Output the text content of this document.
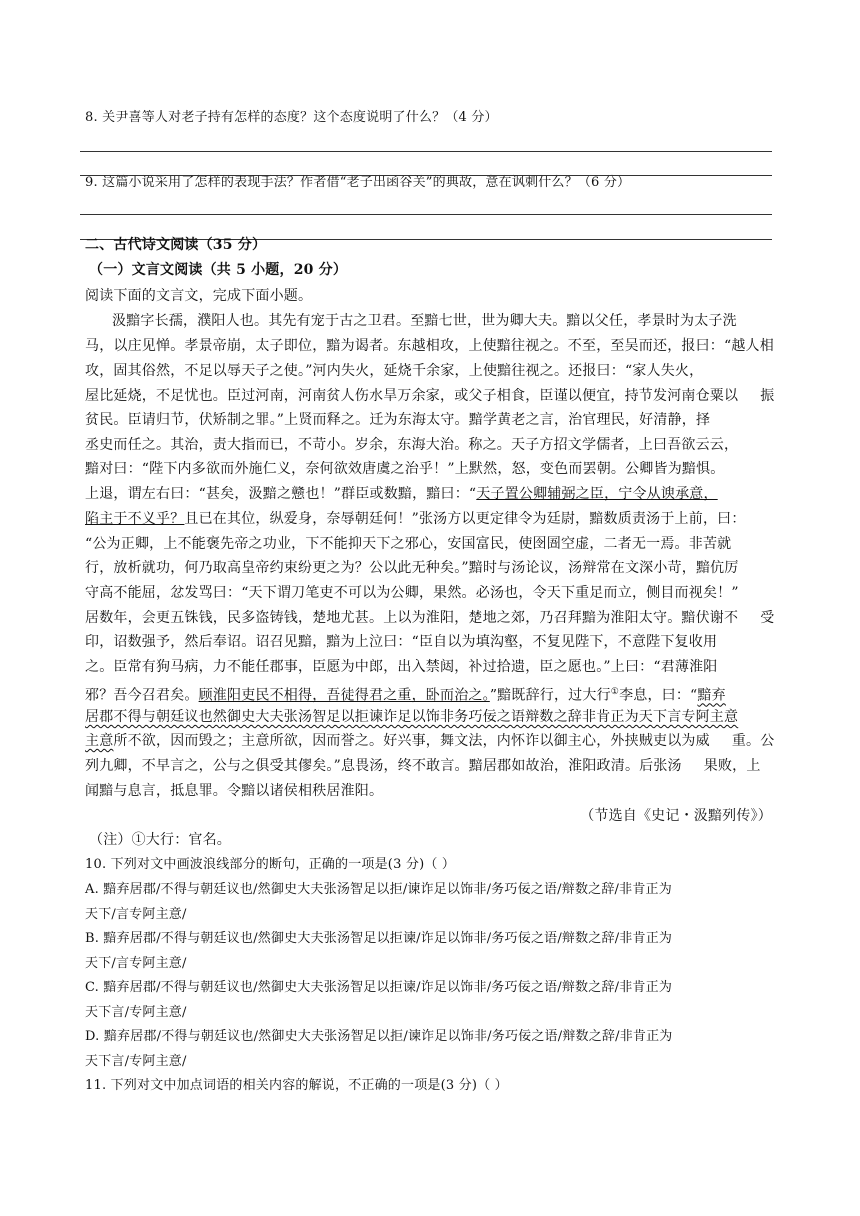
8. 关尹喜等人对老子持有怎样的态度？这个态度说明了什么？（4 分）
9. 这篇小说采用了怎样的表现手法？作者借“老子出函谷关”的典故，意在讽刺什么？（6 分）
二、古代诗文阅读（35 分）
（一）文言文阅读（共 5 小题，20 分）
阅读下面的文言文，完成下面小题。
汲黯字长孺，濮阳人也。其先有宠于古之卫君。至黯七世，世为卿大夫。黯以父任，孝景时为太子洗
马，以庄见惮。孝景帝崩，太子即位，黯为谒者。东越相攻，上使黯往视之。不至，至吴而还，报曰：“越人相
攻，固其俗然，不足以辱天子之使。”河内失火，延烧千余家，上使黯往视之。还报曰：“家人失火，
屋比延烧，不足忧也。臣过河南，河南贫人伤水旱万余家，或父子相食，臣谨以便宜，持节发河南仓粟以 振
贫民。臣请归节，伏矫制之罪。”上贤而释之。迁为东海太守。黯学黄老之言，治官理民，好清静，择
丞史而任之。其治，责大指而已，不苛小。岁余，东海大治。称之。天子方招文学儒者，上曰吾欲云云，
黯对曰：“陛下内多欲而外施仁义，奈何欲效唐虞之治乎！”上默然，怒，变色而罢朝。公卿皆为黯惧。
上退，谓左右曰：“甚矣，汲黯之戆也！”群臣或数黯，黯曰：“天子置公卿辅弼之臣，宁令从谀承意，
陷主于不义乎？且已在其位，纵爱身，奈辱朝廷何！”张汤方以更定律令为廷尉，黯数质责汤于上前，曰：
“公为正卿，上不能褒先帝之功业，下不能抑天下之邪心，安国富民，使囹圄空虚，二者无一焉。非苦就
行，放析就功，何乃取高皇帝约束纷更之为？公以此无种矣。”黯时与汤论议，汤辩常在文深小苛，黯伉厉
守高不能屈，忿发骂曰：“天下谓刀笔吏不可以为公卿，果然。必汤也，令天下重足而立，侧目而视矣！”
居数年，会更五铢钱，民多盗铸钱，楚地尤甚。上以为淮阳，楚地之郊，乃召拜黯为淮阳太守。黯伏谢不 受
印，诏数强予，然后奉诏。诏召见黯，黯为上泣曰：“臣自以为填沟壑，不复见陛下，不意陛下复收用
之。臣常有狗马病，力不能任郡事，臣愿为中郎，出入禁闼，补过拾遗，臣之愿也。”上曰：“君薄淮阳
邪？吾今召君矣。顾淮阳吏民不相得，吾徒得君之重，卧而治之。”黯既辞行，过大行①李息，曰：“黯弃
居郡不得与朝廷议也然御史大夫张汤智足以拒谏诈足以饰非务巧佞之语辩数之辞非肯正为天下言专阿主意
主意所不欲，因而毁之；主意所欲，因而誉之。好兴事，舞文法，内怀诈以御主心，外挟贼吏以为威 重。公
列九卿，不早言之，公与之俱受其僇矣。”息畏汤，终不敢言。黯居郡如故治，淮阳政清。后张汤 果败，上
闻黯与息言，抵息罪。令黯以诸侯相秩居淮阳。
（节选自《史记・汲黯列传》）
（注）①大行：官名。
10. 下列对文中画波浪线部分的断句，正确的一项是(3 分)（ ）
A. 黯弃居郡/不得与朝廷议也/然御史大夫张汤智足以拒/谏诈足以饰非/务巧佞之语/辩数之辞/非肯正为
天下/言专阿主意/
B. 黯弃居郡/不得与朝廷议也/然御史大夫张汤智足以拒谏/诈足以饰非/务巧佞之语/辩数之辞/非肯正为
天下/言专阿主意/
C. 黯弃居郡/不得与朝廷议也/然御史大夫张汤智足以拒谏/诈足以饰非/务巧佞之语/辩数之辞/非肯正为
天下言/专阿主意/
D. 黯弃居郡/不得与朝廷议也/然御史大夫张汤智足以拒/谏诈足以饰非/务巧佞之语/辩数之辞/非肯正为
天下言/专阿主意/
11. 下列对文中加点词语的相关内容的解说，不正确的一项是(3 分)（ ）
